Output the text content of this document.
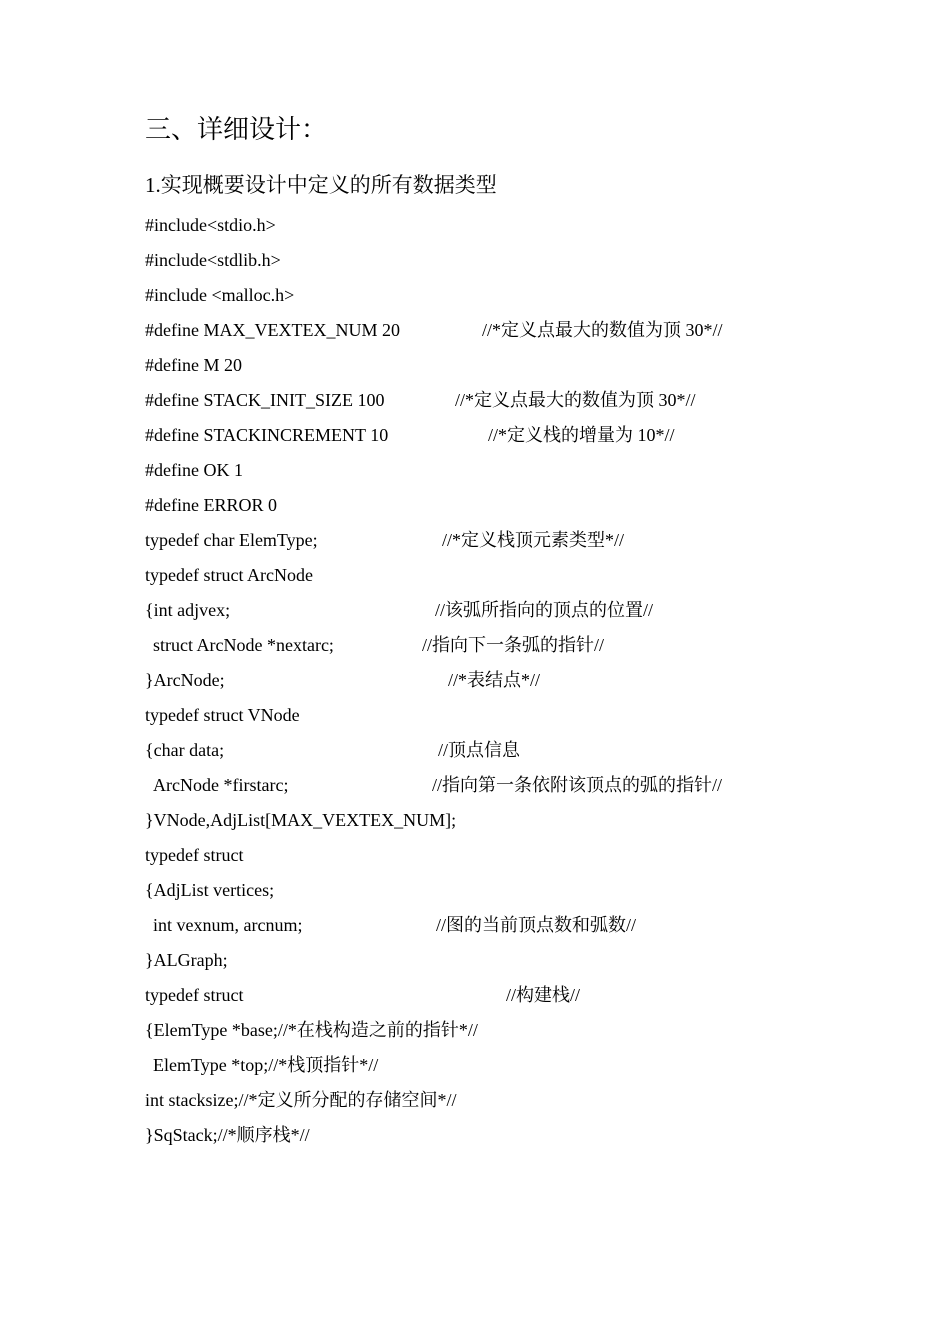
三、详细设计：
1.实现概要设计中定义的所有数据类型
#include<stdio.h>
#include<stdlib.h>
#include <malloc.h>
#define MAX_VEXTEX_NUM 20	//*定义点最大的数值为顶 30*//
#define M 20
#define STACK_INIT_SIZE 100	//*定义点最大的数值为顶 30*//
#define STACKINCREMENT 10	//*定义栈的增量为 10*//
#define OK 1
#define ERROR 0
typedef char ElemType;	//*定义栈顶元素类型*//
typedef struct ArcNode
{int adjvex;	//该弧所指向的顶点的位置//
struct ArcNode *nextarc;	//指向下一条弧的指针//
}ArcNode;	//*表结点*//
typedef struct VNode
{char data;	//顶点信息
ArcNode *firstarc;	//指向第一条依附该顶点的弧的指针//
}VNode,AdjList[MAX_VEXTEX_NUM];
typedef struct
{AdjList vertices;
int vexnum, arcnum;	//图的当前顶点数和弧数//
}ALGraph;
typedef struct	//构建栈//
{ElemType *base;//*在栈构造之前的指针*//
ElemType *top;//*栈顶指针*//
int stacksize;//*定义所分配的存储空间*//
}SqStack;//*顺序栈*//
